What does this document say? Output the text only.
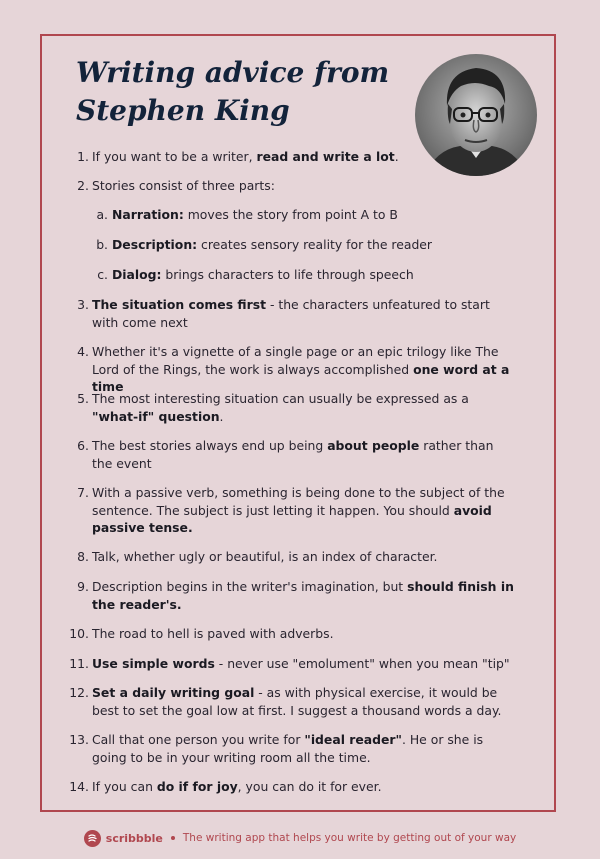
Writing advice from Stephen King
1. If you want to be a writer, read and write a lot.
2. Stories consist of three parts:
a. Narration: moves the story from point A to B
b. Description: creates sensory reality for the reader
c. Dialog: brings characters to life through speech
3. The situation comes first - the characters unfeatured to start with come next
4. Whether it's a vignette of a single page or an epic trilogy like The Lord of the Rings, the work is always accomplished one word at a time
5. The most interesting situation can usually be expressed as a "what-if" question.
6. The best stories always end up being about people rather than the event
7. With a passive verb, something is being done to the subject of the sentence. The subject is just letting it happen. You should avoid passive tense.
8. Talk, whether ugly or beautiful, is an index of character.
9. Description begins in the writer's imagination, but should finish in the reader's.
10. The road to hell is paved with adverbs.
11. Use simple words - never use "emolument" when you mean "tip"
12. Set a daily writing goal - as with physical exercise, it would be best to set the goal low at first. I suggest a thousand words a day.
13. Call that one person you write for "ideal reader". He or she is going to be in your writing room all the time.
14. If you can do if for joy, you can do it for ever.
scribbble The writing app that helps you write by getting out of your way
